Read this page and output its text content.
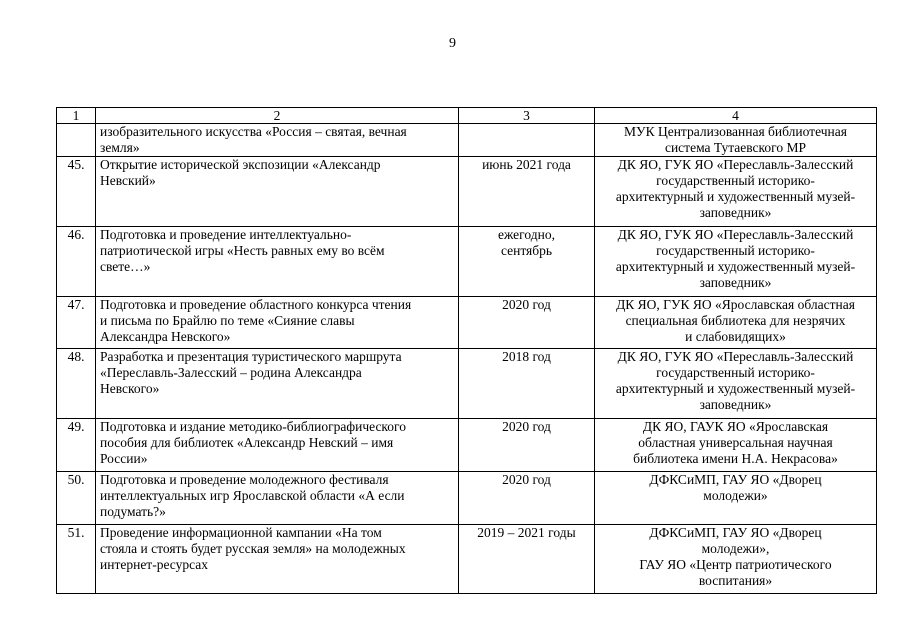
9
1	2	3	4

	изобразительного искусства «Россия – святая, вечная
земля»		МУК Централизованная библиотечная
система Тутаевского МР

45.	Открытие исторической экспозиции «Александр
Невский»	июнь 2021 года	ДК ЯО, ГУК ЯО «Переславль-Залесский
государственный историко-
архитектурный и художественный музей-
заповедник»

46.	Подготовка и проведение интеллектуально-
патриотической игры «Несть равных ему во всём
свете…»	ежегодно,
сентябрь	ДК ЯО, ГУК ЯО «Переславль-Залесский
государственный историко-
архитектурный и художественный музей-
заповедник»

47.	Подготовка и проведение областного конкурса чтения
и письма по Брайлю по теме «Сияние славы
Александра Невского»	2020 год	ДК ЯО, ГУК ЯО «Ярославская областная
специальная библиотека для незрячих
и слабовидящих»

48.	Разработка и презентация туристического маршрута
«Переславль-Залесский – родина Александра
Невского»	2018 год	ДК ЯО, ГУК ЯО «Переславль-Залесский
государственный историко-
архитектурный и художественный музей-
заповедник»

49.	Подготовка и издание методико-библиографического
пособия для библиотек «Александр Невский – имя
России»	2020 год	ДК ЯО, ГАУК ЯО «Ярославская
областная универсальная научная
библиотека имени Н.А. Некрасова»

50.	Подготовка и проведение молодежного фестиваля
интеллектуальных игр Ярославской области «А если
подумать?»	2020 год	ДФКСиМП, ГАУ ЯО «Дворец
молодежи»

51.	Проведение информационной кампании «На том
стояла и стоять будет русская земля» на молодежных
интернет-ресурсах	2019 – 2021 годы	ДФКСиМП, ГАУ ЯО «Дворец
молодежи»,
ГАУ ЯО «Центр патриотического
воспитания»
